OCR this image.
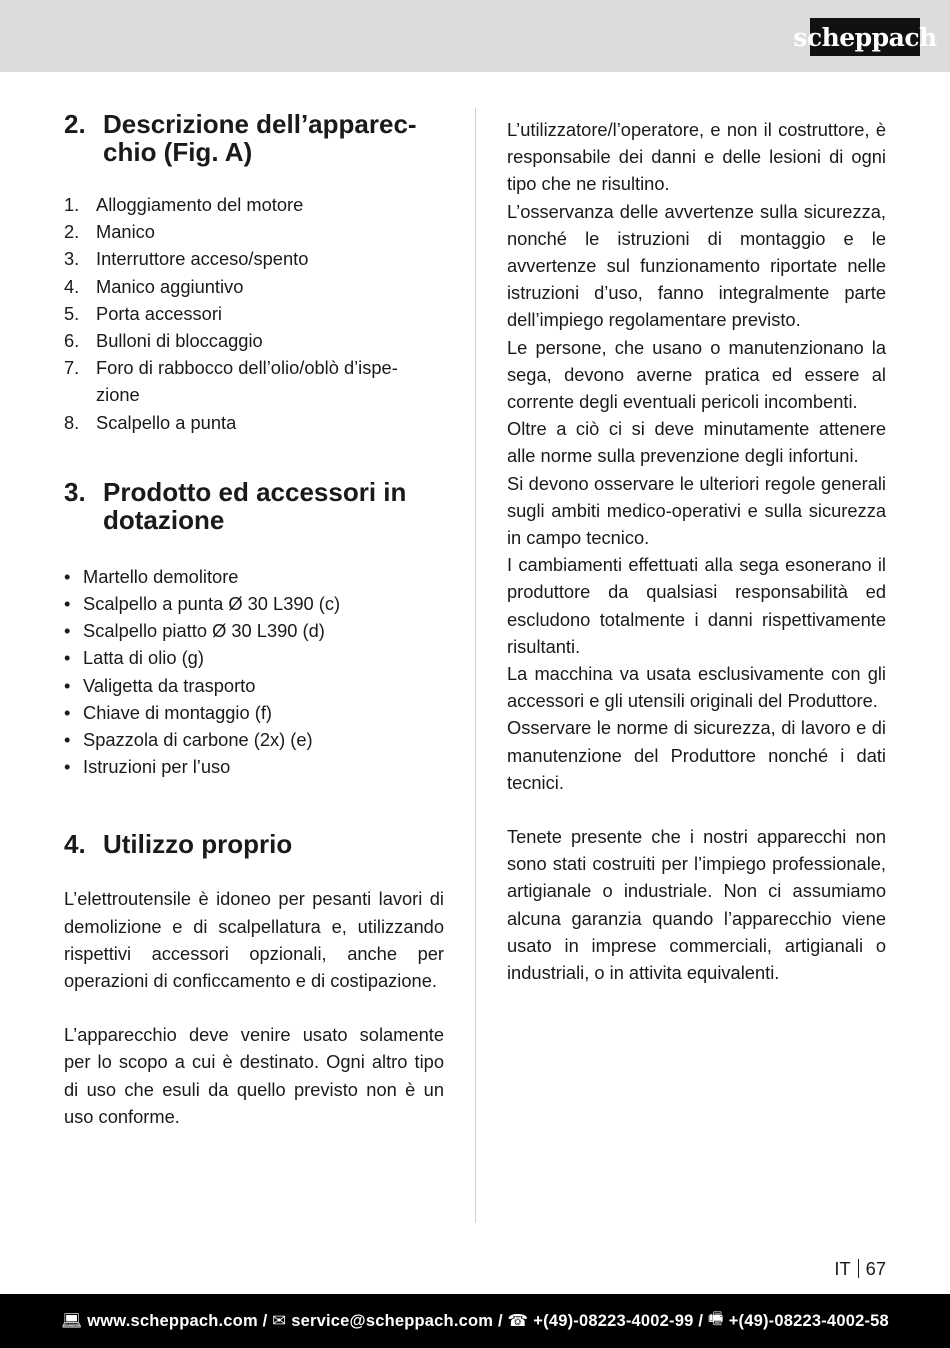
scheppach
2. Descrizione dell’apparec-
chio (Fig. A)
1. Alloggiamento del motore
2. Manico
3. Interruttore acceso/spento
4. Manico aggiuntivo
5. Porta accessori
6. Bulloni di bloccaggio
7. Foro di rabbocco dell’olio/oblò d’ispe-
zione
8. Scalpello a punta
3. Prodotto ed accessori in
dotazione
• Martello demolitore
• Scalpello a punta Ø 30 L390 (c)
• Scalpello piatto Ø 30 L390 (d)
• Latta di olio (g)
• Valigetta da trasporto
• Chiave di montaggio (f)
• Spazzola di carbone (2x) (e)
• Istruzioni per l’uso
4. Utilizzo proprio

L’elettroutensile è idoneo per pesanti lavori di demolizione e di scalpellatura e, utilizzando rispettivi accessori opzionali, anche per operazioni di conficcamento e di costipazione.

L’apparecchio deve venire usato solamente per lo scopo a cui è destinato. Ogni altro tipo di uso che esuli da quello previsto non è un uso conforme.

L’utilizzatore/l’operatore, e non il costruttore, è responsabile dei danni e delle lesioni di ogni tipo che ne risultino.

L’osservanza delle avvertenze sulla sicurezza, nonché le istruzioni di montaggio e le avvertenze sul funzionamento riportate nelle istruzioni d’uso, fanno integralmente parte dell’impiego regolamentare previsto.

Le persone, che usano o manutenzionano la sega, devono averne pratica ed essere al corrente degli eventuali pericoli incombenti.

Oltre a ciò ci si deve minutamente attenere alle norme sulla prevenzione degli infortuni.

Si devono osservare le ulteriori regole generali sugli ambiti medico-operativi e sulla sicurezza in campo tecnico.

I cambiamenti effettuati alla sega esonerano il produttore da qualsiasi responsabilità ed escludono totalmente i danni rispettivamente risultanti.

La macchina va usata esclusivamente con gli accessori e gli utensili originali del Produttore.

Osservare le norme di sicurezza, di lavoro e di manutenzione del Produttore nonché i dati tecnici.

Tenete presente che i nostri apparecchi non sono stati costruiti per l’impiego professionale, artigianale o industriale. Non ci assumiamo alcuna garanzia quando l’apparecchio viene usato in imprese commerciali, artigianali o industriali, o in attivita equivalenti.

IT 67
💻︎ www.scheppach.com / ✉︎ service@scheppach.com / ☎︎ +(49)-08223-4002-99 / 🖷︎ +(49)-08223-4002-58
